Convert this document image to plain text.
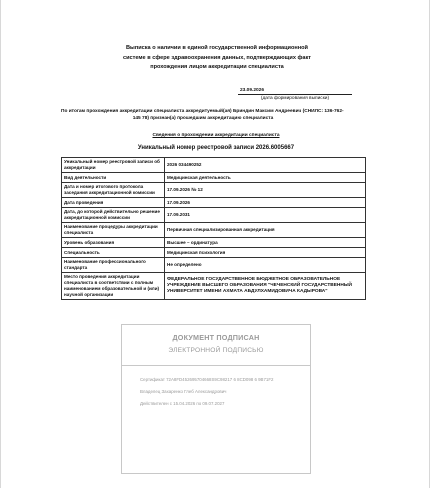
Выписка о наличии в единой государственной информационной
системе в сфере здравоохранения данных, подтверждающих факт
прохождения лицом аккредитации специалиста
23.09.2026
(дата формирования выписки)
По итогам прохождения аккредитации специалиста аккредитуемый(ая) Бриндин Максим Андреевич (СНИЛС: 136-762-
145 78) признан(а) прошедшим аккредитацию специалиста
Сведения о прохождении аккредитации специалиста
Уникальный номер реестровой записи 2026.6005667
Уникальный номер реестровой записи об аккредитации	2026 034490252
Вид деятельности	Медицинская деятельность
Дата и номер итогового протокола заседания аккредитационной комиссии	17.09.2026 № 12
Дата проведения	17.09.2026
Дата, до которой действительно решение аккредитационной комиссии	17.09.2031
Наименование процедуры аккредитации специалиста	Первичная специализированная аккредитация
Уровень образования	Высшее – ординатура
Специальность	Медицинская психология
Наименование профессионального стандарта	Не определено
Место проведения аккредитации специалиста в соответствии с полным наименованием образовательной и (или) научной организации	ФЕДЕРАЛЬНОЕ ГОСУДАРСТВЕННОЕ БЮДЖЕТНОЕ ОБРАЗОВАТЕЛЬНОЕ УЧРЕЖДЕНИЕ ВЫСШЕГО ОБРАЗОВАНИЯ "ЧЕЧЕНСКИЙ ГОСУДАРСТВЕННЫЙ УНИВЕРСИТЕТ ИМЕНИ АХМАТА АБДУЛХАМИДОВИЧА КАДЫРОВА"
ДОКУМЕНТ ПОДПИСАН
ЭЛЕКТРОННОЙ ПОДПИСЬЮ
Сертификат 72A8FD452695704668S9C98217 6 8CD098 6 9B71F2
Владелец Захаренко Глеб Александрович
Действителен с 15.04.2026 по 09.07.2027
